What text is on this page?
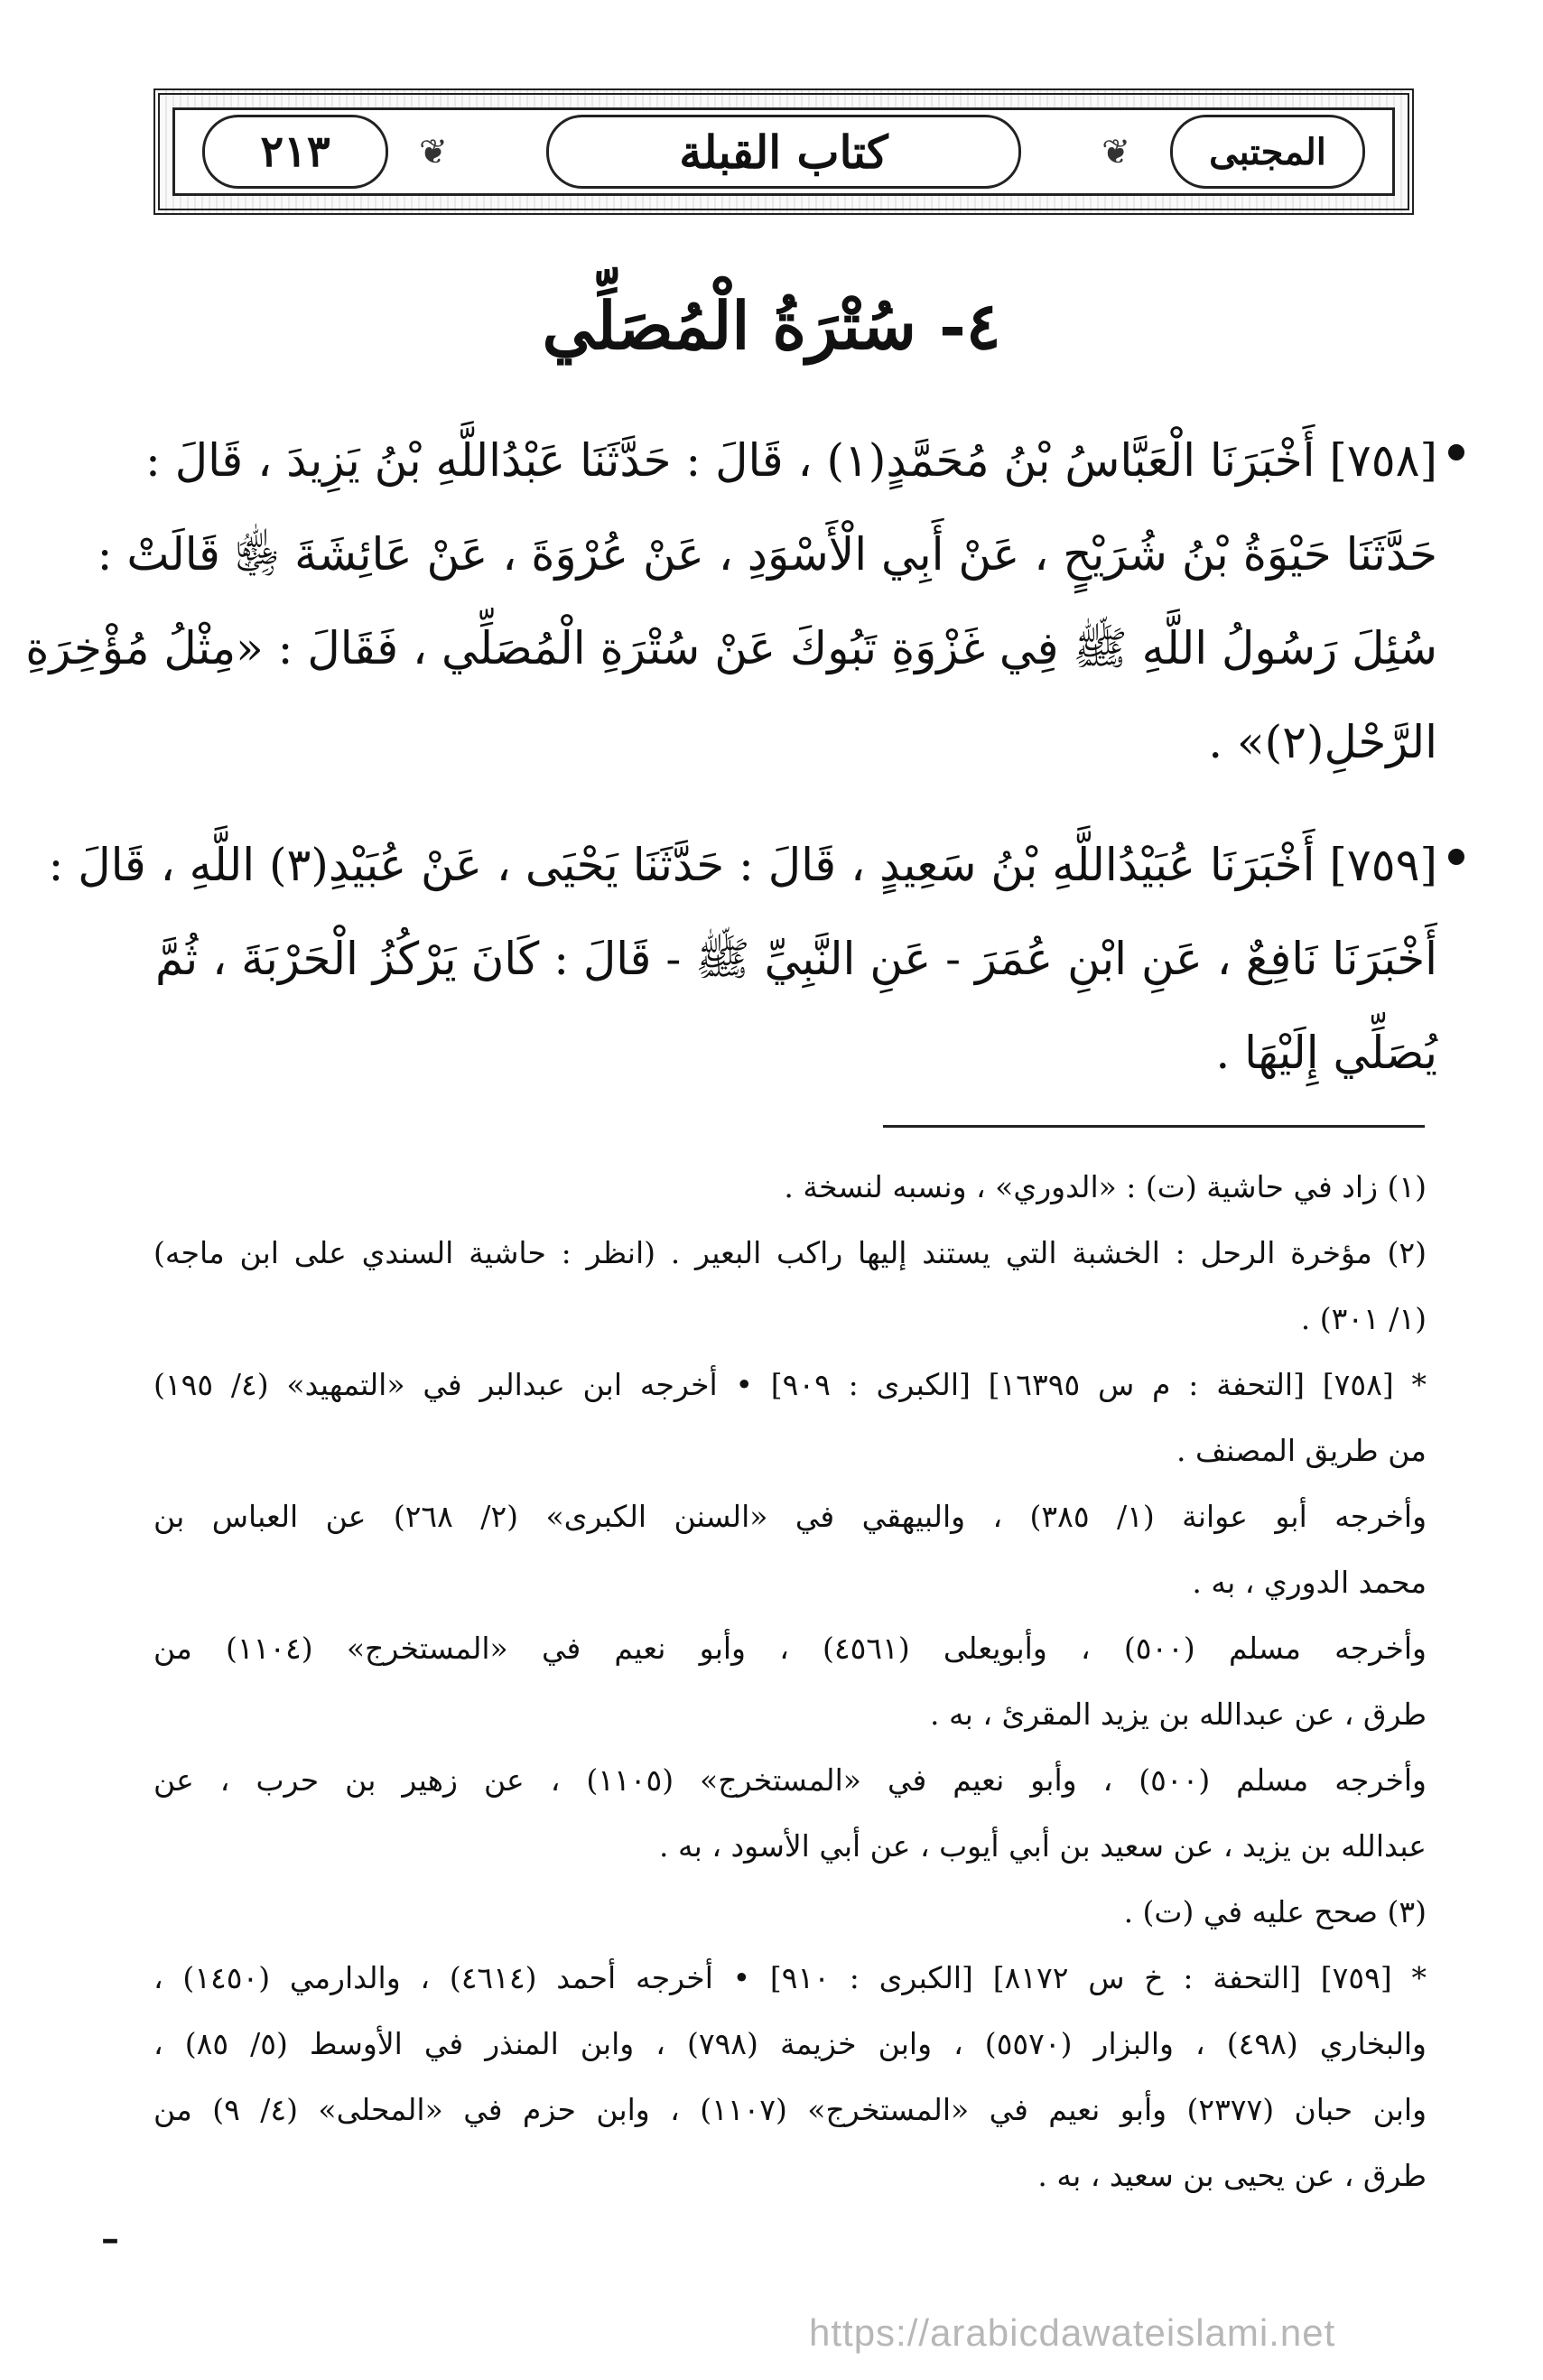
٢١٣	❦	كتاب القبلة	❦	المجتبى
٤- سُتْرَةُ الْمُصَلِّي
[٧٥٨] أَخْبَرَنَا الْعَبَّاسُ بْنُ مُحَمَّدٍ(١) ، قَالَ : حَدَّثَنَا عَبْدُاللَّهِ بْنُ يَزِيدَ ، قَالَ :
حَدَّثَنَا حَيْوَةُ بْنُ شُرَيْحٍ ، عَنْ أَبِي الْأَسْوَدِ ، عَنْ عُرْوَةَ ، عَنْ عَائِشَةَ ﵂ قَالَتْ :
سُئِلَ رَسُولُ اللَّهِ ﷺ فِي غَزْوَةِ تَبُوكَ عَنْ سُتْرَةِ الْمُصَلِّي ، فَقَالَ : «مِثْلُ مُؤْخِرَةِ
الرَّحْلِ(٢)» .
[٧٥٩] أَخْبَرَنَا عُبَيْدُاللَّهِ بْنُ سَعِيدٍ ، قَالَ : حَدَّثَنَا يَحْيَى ، عَنْ عُبَيْدِ(٣) اللَّهِ ، قَالَ :
أَخْبَرَنَا نَافِعٌ ، عَنِ ابْنِ عُمَرَ - عَنِ النَّبِيِّ ﷺ - قَالَ : كَانَ يَرْكُزُ الْحَرْبَةَ ، ثُمَّ
يُصَلِّي إِلَيْهَا .
(١) زاد في حاشية (ت) : «الدوري» ، ونسبه لنسخة .
(٢) مؤخرة الرحل : الخشبة التي يستند إليها راكب البعير . (انظر : حاشية السندي على ابن ماجه)
(١/ ٣٠١) .
* [٧٥٨] [التحفة : م س ١٦٣٩٥] [الكبرى : ٩٠٩] • أخرجه ابن عبدالبر في «التمهيد» (٤/ ١٩٥)
من طريق المصنف .
وأخرجه أبو عوانة (١/ ٣٨٥) ، والبيهقي في «السنن الكبرى» (٢/ ٢٦٨) عن العباس بن
محمد الدوري ، به .
وأخرجه مسلم (٥٠٠) ، وأبويعلى (٤٥٦١) ، وأبو نعيم في «المستخرج» (١١٠٤) من
طرق ، عن عبدالله بن يزيد المقرئ ، به .
وأخرجه مسلم (٥٠٠) ، وأبو نعيم في «المستخرج» (١١٠٥) ، عن زهير بن حرب ، عن
عبدالله بن يزيد ، عن سعيد بن أبي أيوب ، عن أبي الأسود ، به .
(٣) صحح عليه في (ت) .
* [٧٥٩] [التحفة : خ س ٨١٧٢] [الكبرى : ٩١٠] • أخرجه أحمد (٤٦١٤) ، والدارمي (١٤٥٠) ،
والبخاري (٤٩٨) ، والبزار (٥٥٧٠) ، وابن خزيمة (٧٩٨) ، وابن المنذر في الأوسط (٥/ ٨٥) ،
وابن حبان (٢٣٧٧) وأبو نعيم في «المستخرج» (١١٠٧) ، وابن حزم في «المحلى» (٤/ ٩) من
طرق ، عن يحيى بن سعيد ، به .
–
https://arabicdawateislami.net
